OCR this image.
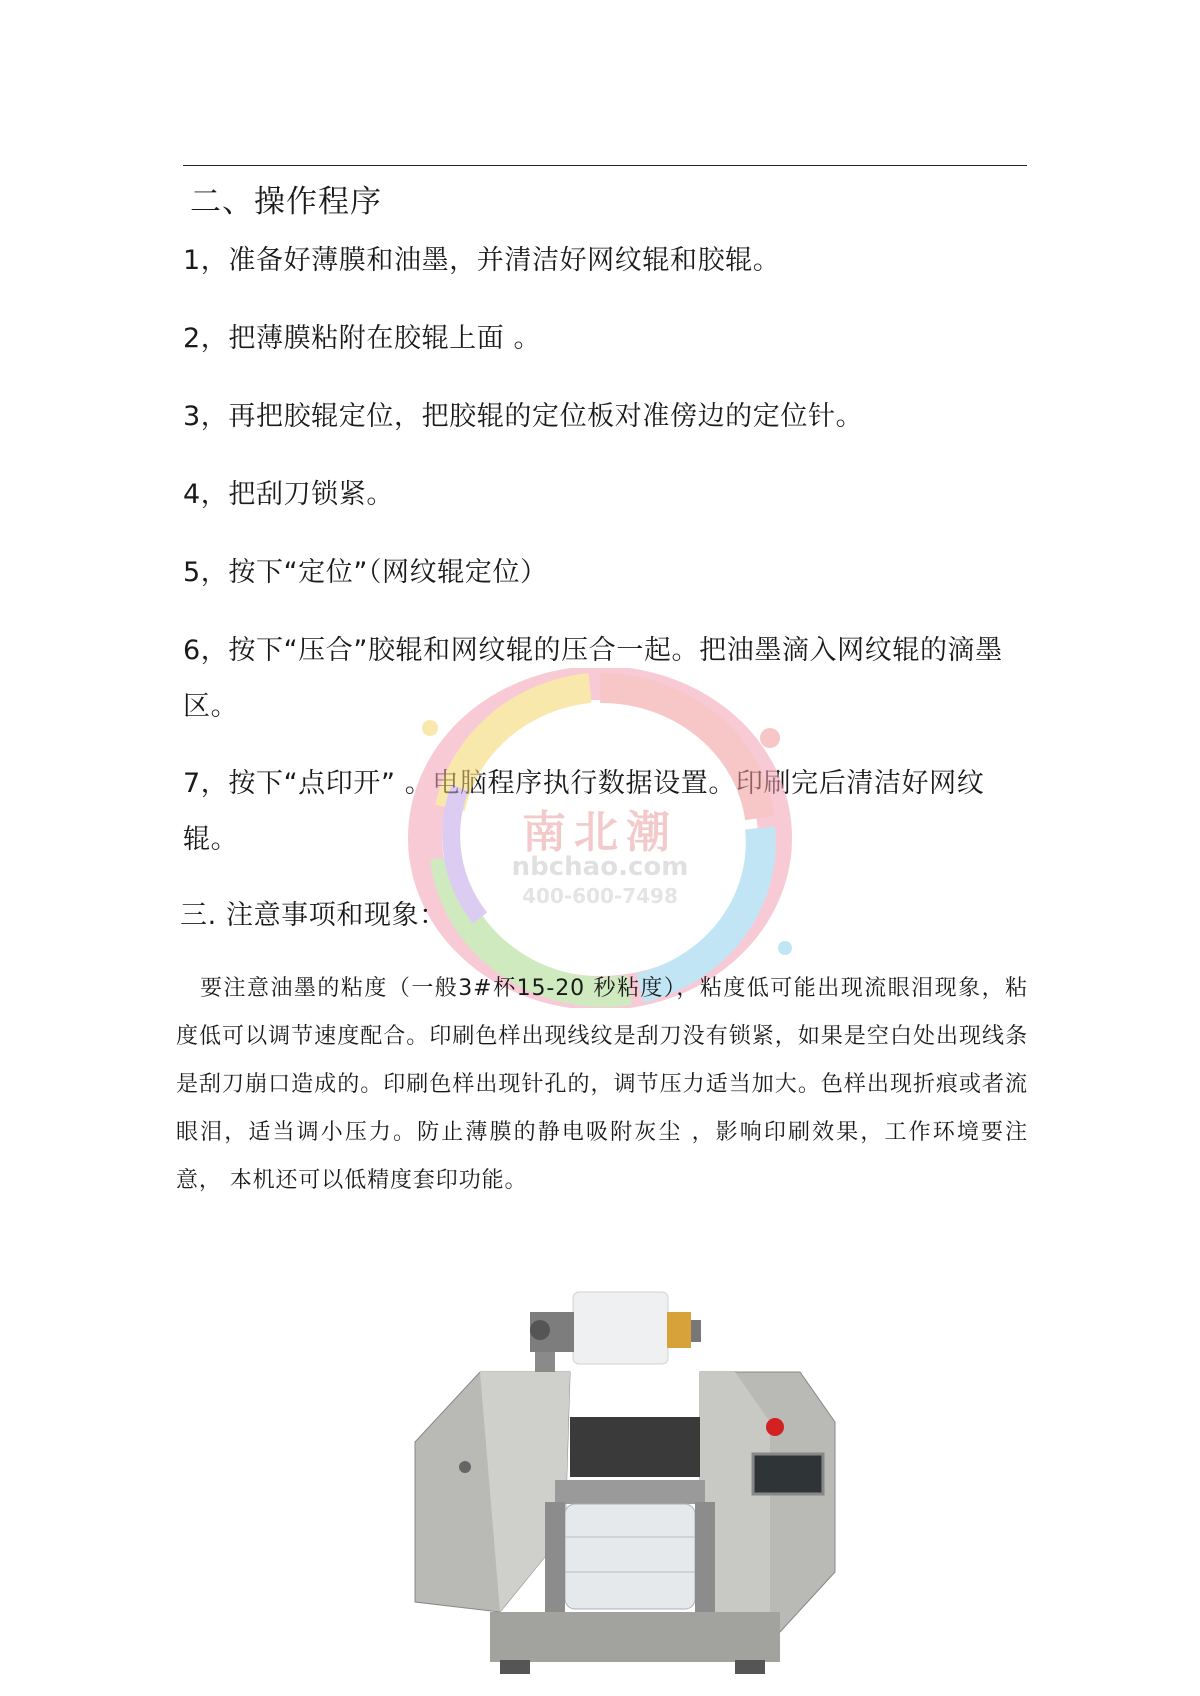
二、操作程序
1，准备好薄膜和油墨，并清洁好网纹辊和胶辊。
2，把薄膜粘附在胶辊上面 。
3，再把胶辊定位，把胶辊的定位板对准傍边的定位针。
4，把刮刀锁紧。
5，按下“定位”（网纹辊定位）
6，按下“压合”胶辊和网纹辊的压合一起。把油墨滴入网纹辊的滴墨区。
7，按下“点印开” 。电脑程序执行数据设置。印刷完后清洁好网纹辊。	南北潮
nbchao.com
400-600-7498
三. 注意事项和现象：
要注意油墨的粘度（一般3#杯15-20 秒粘度），粘度低可能出现流眼泪现象，粘度低可以调节速度配合。印刷色样出现线纹是刮刀没有锁紧，如果是空白处出现线条是刮刀崩口造成的。印刷色样出现针孔的，调节压力适当加大。色样出现折痕或者流眼泪，适当调小压力。防止薄膜的静电吸附灰尘 ，影响印刷效果，工作环境要注意， 本机还可以低精度套印功能。
